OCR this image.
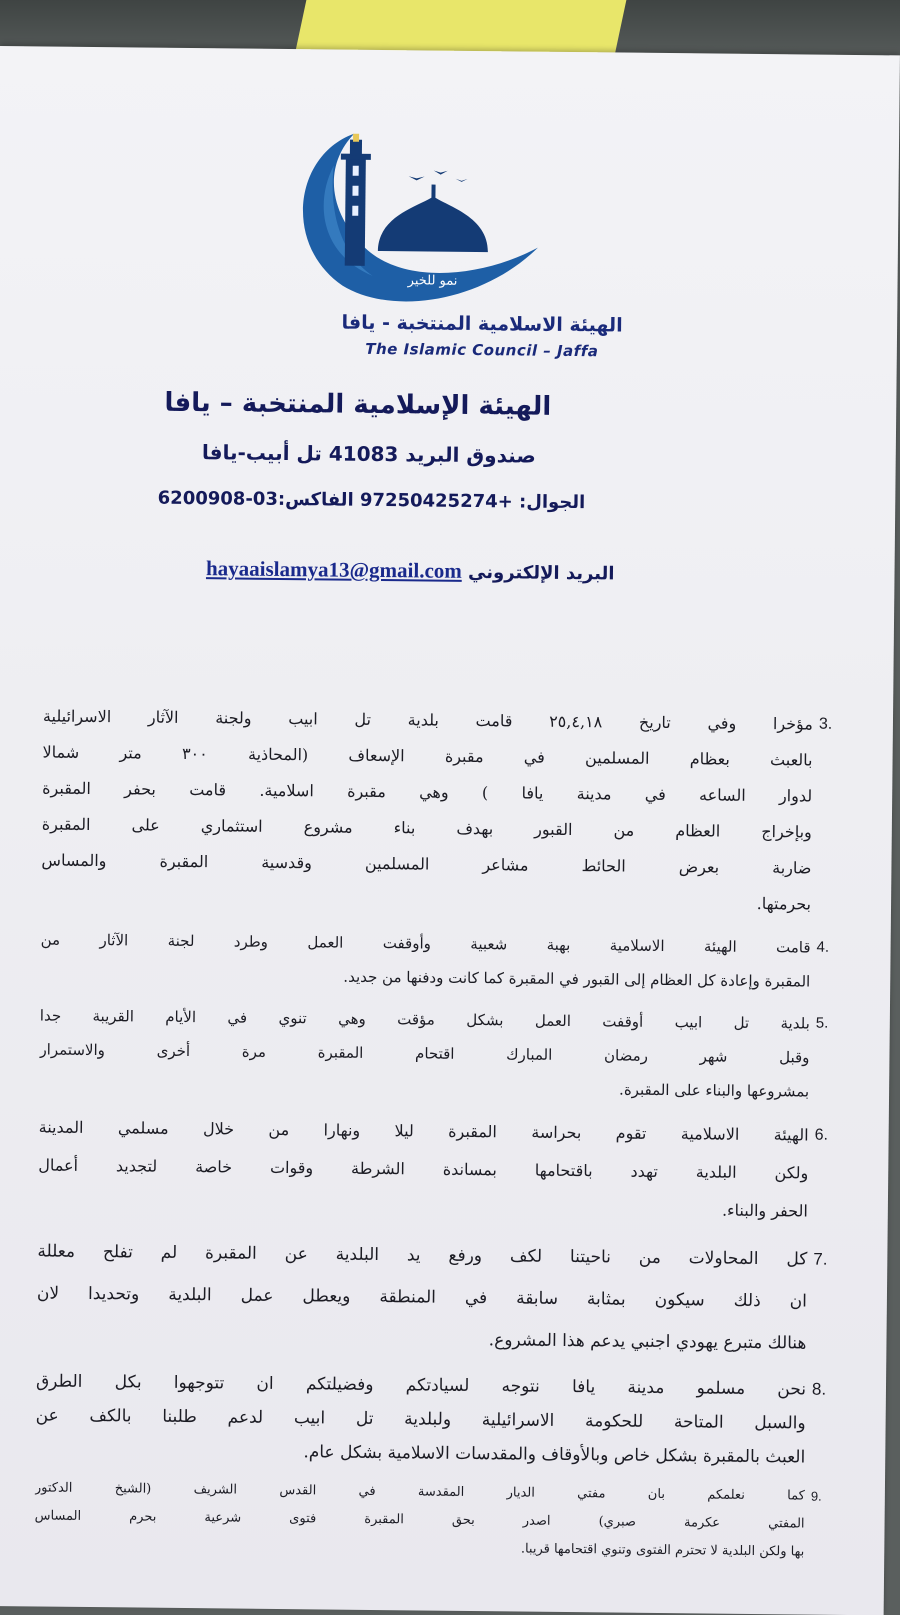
نمو للخير
الهيئة الاسلامية المنتخبة - يافا
The Islamic Council – Jaffa
الهيئة الإسلامية المنتخبة – يافا
صندوق البريد 41083 تل أبيب-يافا
الجوال: +97250425274 الفاكس:03-6200908
البريد الإلكتروني hayaaislamya13@gmail.com
3.
مؤخرا وفي تاريخ ٢٥,٤,١٨ قامت بلدية تل ابيب ولجنة الآثار الاسرائيلية
بالعبث بعظام المسلمين في مقبرة الإسعاف (المحاذية ٣٠٠ متر شمالا
لدوار الساعه في مدينة يافا ) وهي مقبرة اسلامية. قامت بحفر المقبرة
وبإخراج العظام من القبور بهدف بناء مشروع استثماري على المقبرة
ضاربة بعرض الحائط مشاعر المسلمين وقدسية المقبرة والمساس
بحرمتها.
4.
قامت الهيئة الاسلامية بهبة شعبية وأوقفت العمل وطرد لجنة الآثار من
المقبرة وإعادة كل العظام إلى القبور في المقبرة كما كانت ودفنها من جديد.
5.
بلدية تل ابيب أوقفت العمل بشكل مؤقت وهي تنوي في الأيام القريبة جدا
وقبل شهر رمضان المبارك اقتحام المقبرة مرة أخرى والاستمرار
بمشروعها والبناء على المقبرة.
6.
الهيئة الاسلامية تقوم بحراسة المقبرة ليلا ونهارا من خلال مسلمي المدينة
ولكن البلدية تهدد باقتحامها بمساندة الشرطة وقوات خاصة لتجديد أعمال
الحفر والبناء.
7.
كل المحاولات من ناحيتنا لكف ورفع يد البلدية عن المقبرة لم تفلح معللة
ان ذلك سيكون بمثابة سابقة في المنطقة ويعطل عمل البلدية وتحديدا لان
هنالك متبرع يهودي اجنبي يدعم هذا المشروع.
8.
نحن مسلمو مدينة يافا نتوجه لسيادتكم وفضيلتكم ان تتوجهوا بكل الطرق
والسبل المتاحة للحكومة الاسرائيلية ولبلدية تل ابيب لدعم طلبنا بالكف عن
العبث بالمقبرة بشكل خاص وبالأوقاف والمقدسات الاسلامية بشكل عام.
9.
كما نعلمكم بان مفتي الديار المقدسة في القدس الشريف (الشيخ الدكتور
المفتي عكرمة صبري) اصدر بحق المقبرة فتوى شرعية بحرم المساس
بها ولكن البلدية لا تحترم الفتوى وتنوي اقتحامها قريبا.
